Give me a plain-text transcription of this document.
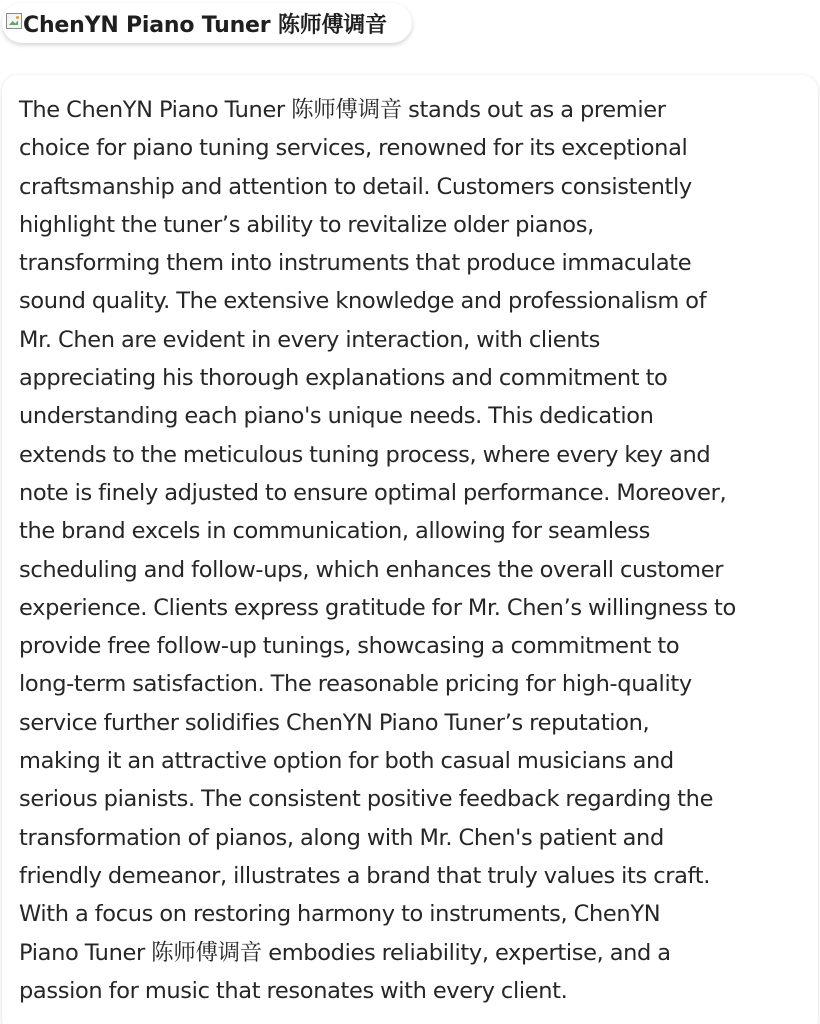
ChenYN Piano Tuner 陈师傅调音

The ChenYN Piano Tuner 陈师傅调音 stands out as a premier
choice for piano tuning services, renowned for its exceptional
craftsmanship and attention to detail. Customers consistently
highlight the tuner’s ability to revitalize older pianos,
transforming them into instruments that produce immaculate
sound quality. The extensive knowledge and professionalism of
Mr. Chen are evident in every interaction, with clients
appreciating his thorough explanations and commitment to
understanding each piano's unique needs. This dedication
extends to the meticulous tuning process, where every key and
note is finely adjusted to ensure optimal performance. Moreover,
the brand excels in communication, allowing for seamless
scheduling and follow-ups, which enhances the overall customer
experience. Clients express gratitude for Mr. Chen’s willingness to
provide free follow-up tunings, showcasing a commitment to
long-term satisfaction. The reasonable pricing for high-quality
service further solidifies ChenYN Piano Tuner’s reputation,
making it an attractive option for both casual musicians and
serious pianists. The consistent positive feedback regarding the
transformation of pianos, along with Mr. Chen's patient and
friendly demeanor, illustrates a brand that truly values its craft.
With a focus on restoring harmony to instruments, ChenYN
Piano Tuner 陈师傅调音 embodies reliability, expertise, and a
passion for music that resonates with every client.
